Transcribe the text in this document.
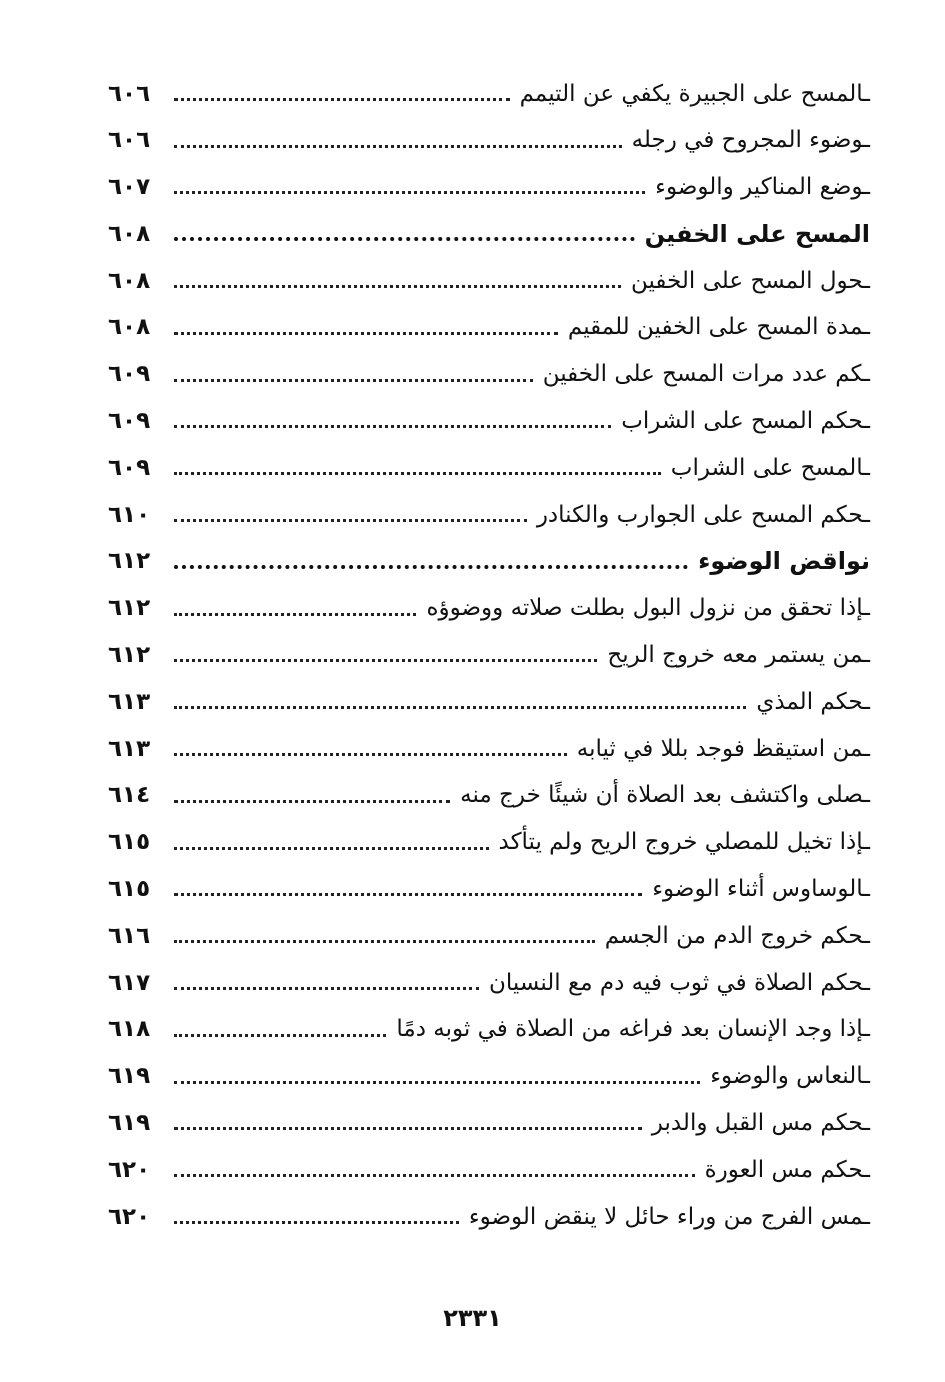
ـالمسح على الجبيرة يكفي عن التيمم
٦٠٦
ـوضوء المجروح في رجله
٦٠٦
ـوضع المناكير والوضوء
٦٠٧
المسح على الخفين
٦٠٨
ـحول المسح على الخفين
٦٠٨
ـمدة المسح على الخفين للمقيم
٦٠٨
ـكم عدد مرات المسح على الخفين
٦٠٩
ـحكم المسح على الشراب
٦٠٩
ـالمسح على الشراب
٦٠٩
ـحكم المسح على الجوارب والكنادر
٦١٠
نواقض الوضوء
٦١٢
ـإذا تحقق من نزول البول بطلت صلاته ووضوؤه
٦١٢
ـمن يستمر معه خروج الريح
٦١٢
ـحكم المذي
٦١٣
ـمن استيقظ فوجد بللا في ثيابه
٦١٣
ـصلى واكتشف بعد الصلاة أن شيئًا خرج منه
٦١٤
ـإذا تخيل للمصلي خروج الريح ولم يتأكد
٦١٥
ـالوساوس أثناء الوضوء
٦١٥
ـحكم خروج الدم من الجسم
٦١٦
ـحكم الصلاة في ثوب فيه دم مع النسيان
٦١٧
ـإذا وجد الإنسان بعد فراغه من الصلاة في ثوبه دمًا
٦١٨
ـالنعاس والوضوء
٦١٩
ـحكم مس القبل والدبر
٦١٩
ـحكم مس العورة
٦٢٠
ـمس الفرج من وراء حائل لا ينقض الوضوء
٦٢٠
٢٣٣١
